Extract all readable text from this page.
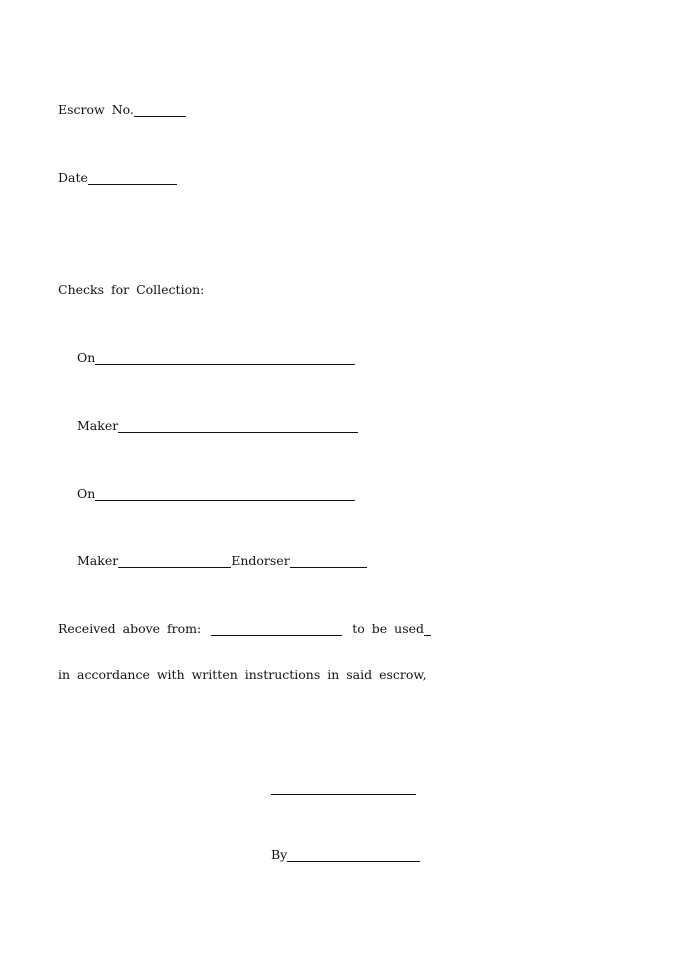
Escrow No.
Date
Checks for Collection:
On
Maker
On
Maker	Endorser
Received above from:	to be used
in accordance with written instructions in said escrow,
By
